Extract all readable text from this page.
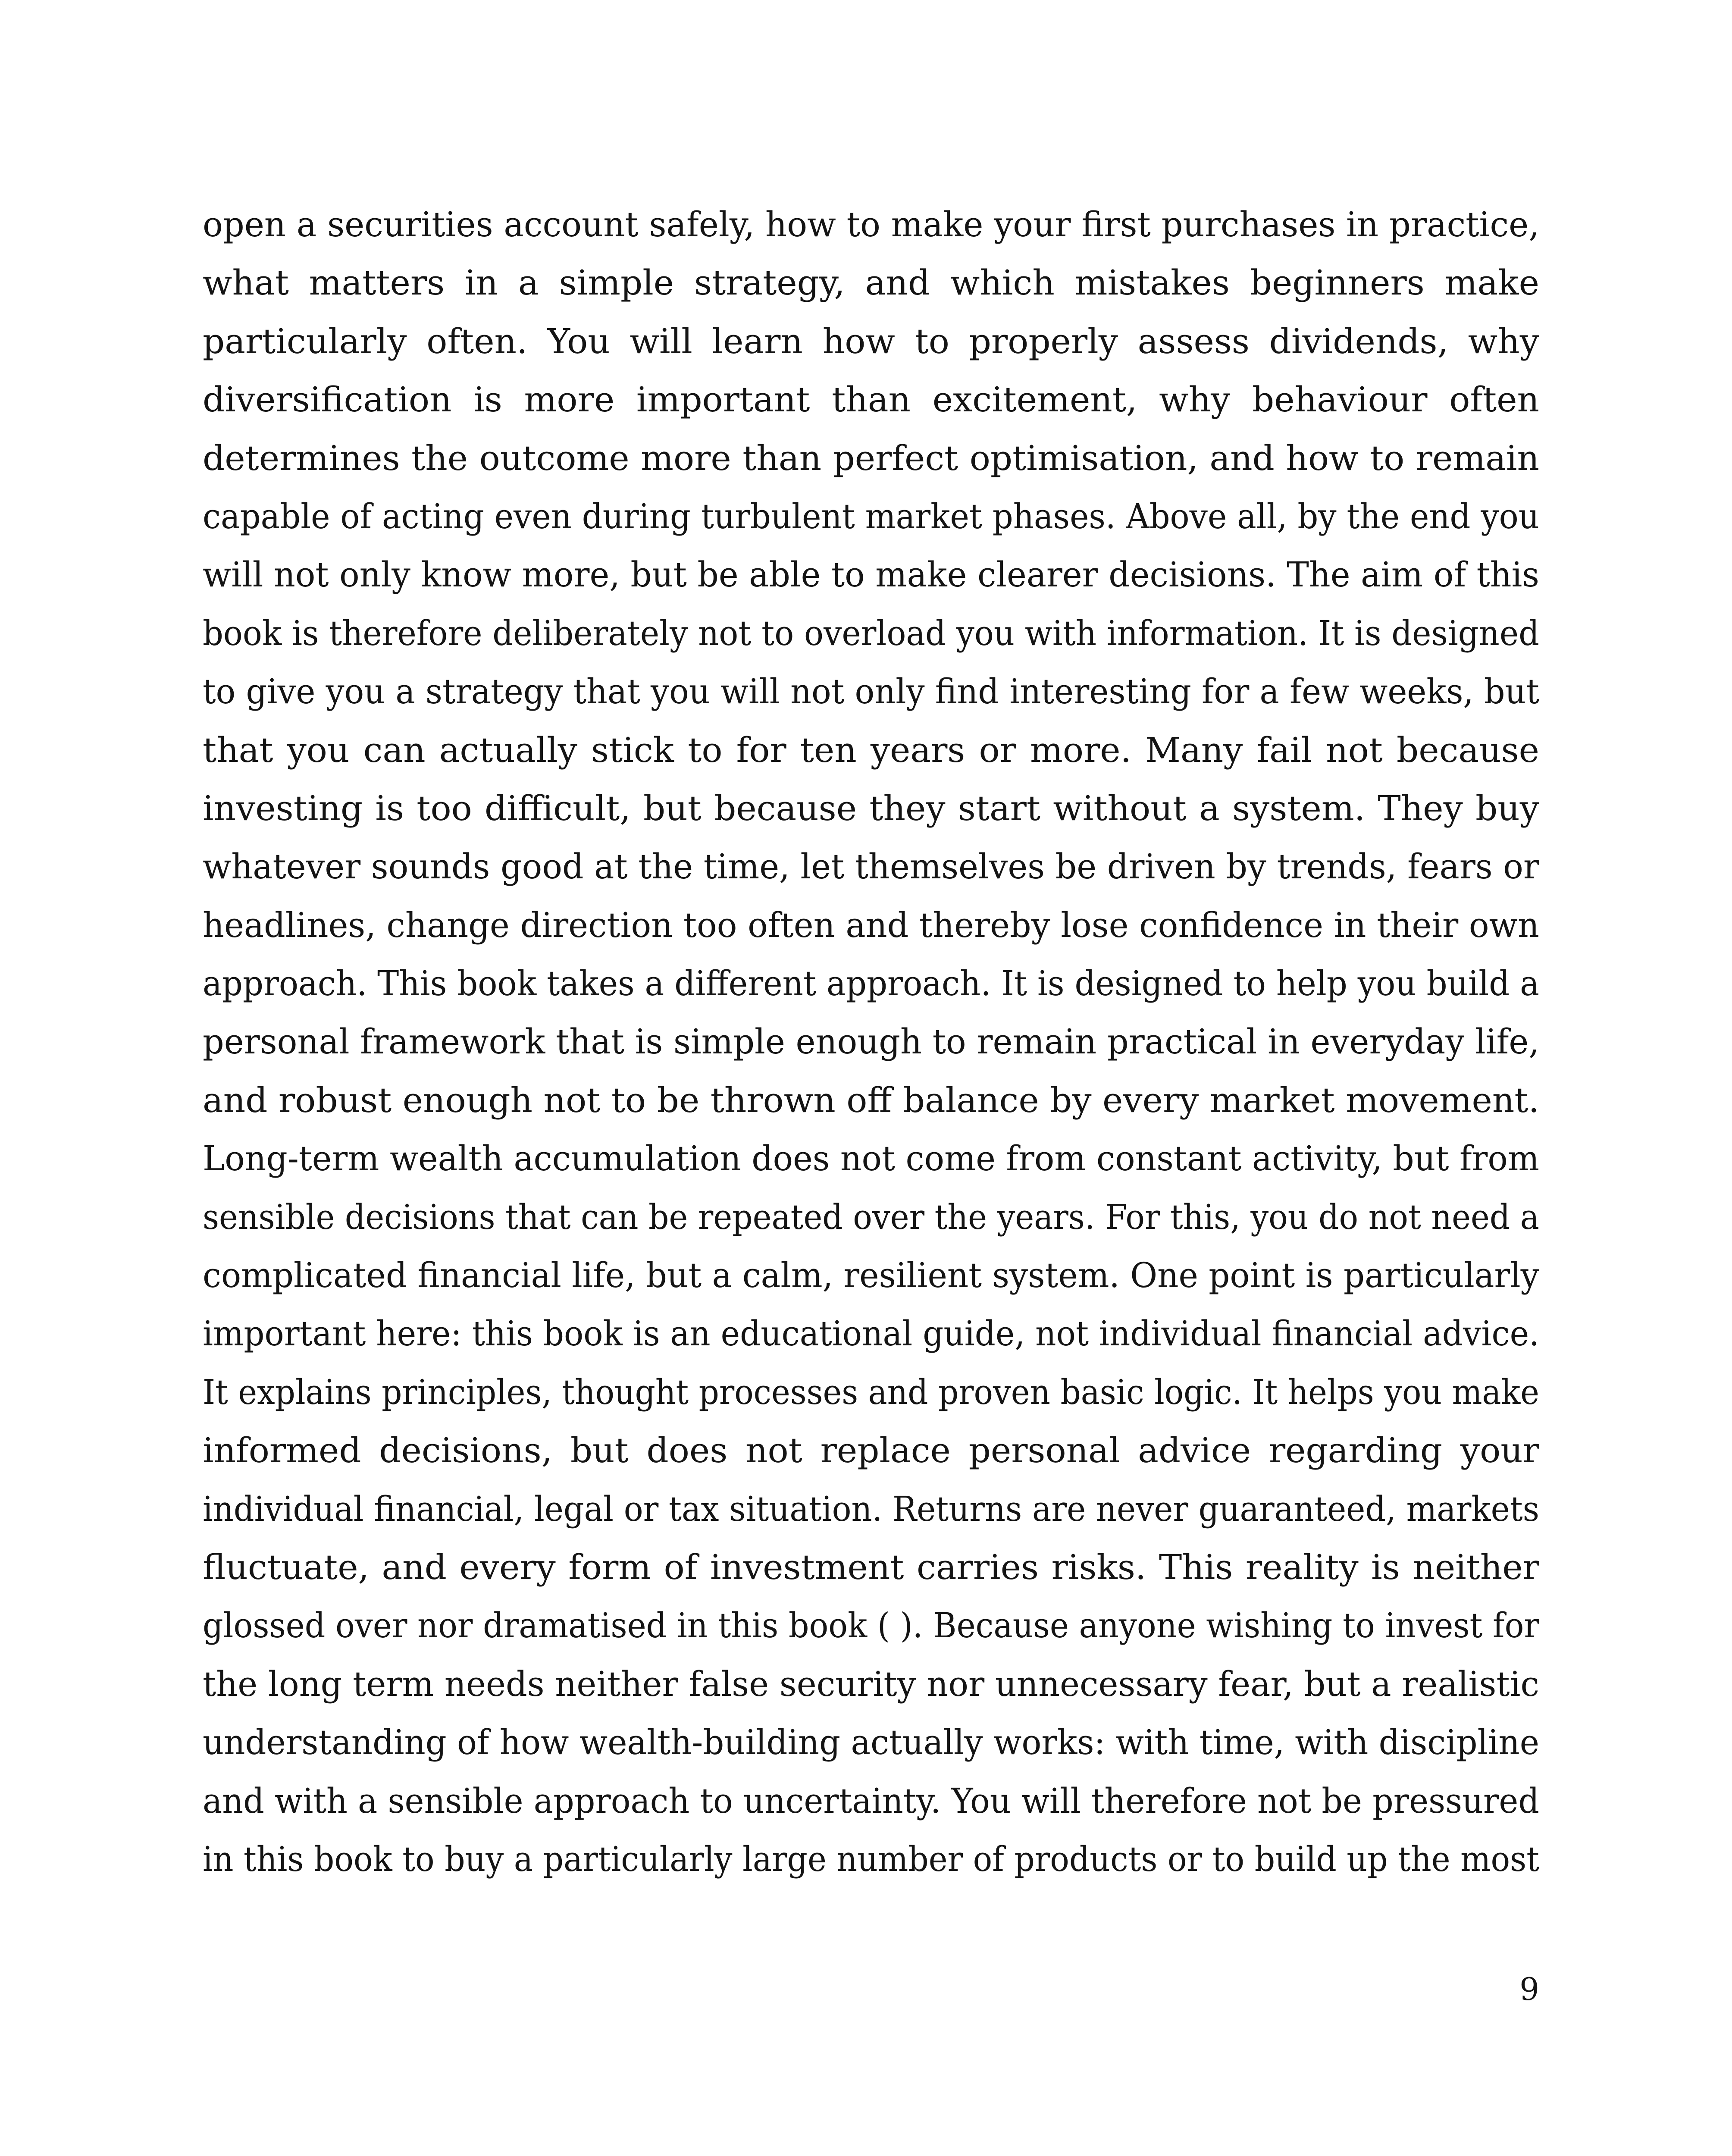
open a securities account safely, how to make your first purchases in practice,
what matters in a simple strategy, and which mistakes beginners make
particularly often. You will learn how to properly assess dividends, why
diversification is more important than excitement, why behaviour often
determines the outcome more than perfect optimisation, and how to remain
capable of acting even during turbulent market phases. Above all, by the end you
will not only know more, but be able to make clearer decisions. The aim of this
book is therefore deliberately not to overload you with information. It is designed
to give you a strategy that you will not only find interesting for a few weeks, but
that you can actually stick to for ten years or more. Many fail not because
investing is too difficult, but because they start without a system. They buy
whatever sounds good at the time, let themselves be driven by trends, fears or
headlines, change direction too often and thereby lose confidence in their own
approach. This book takes a different approach. It is designed to help you build a
personal framework that is simple enough to remain practical in everyday life,
and robust enough not to be thrown off balance by every market movement.
Long-term wealth accumulation does not come from constant activity, but from
sensible decisions that can be repeated over the years. For this, you do not need a
complicated financial life, but a calm, resilient system. One point is particularly
important here: this book is an educational guide, not individual financial advice.
It explains principles, thought processes and proven basic logic. It helps you make
informed decisions, but does not replace personal advice regarding your
individual financial, legal or tax situation. Returns are never guaranteed, markets
fluctuate, and every form of investment carries risks. This reality is neither
glossed over nor dramatised in this book ( ). Because anyone wishing to invest for
the long term needs neither false security nor unnecessary fear, but a realistic
understanding of how wealth-building actually works: with time, with discipline
and with a sensible approach to uncertainty. You will therefore not be pressured
in this book to buy a particularly large number of products or to build up the most
9
